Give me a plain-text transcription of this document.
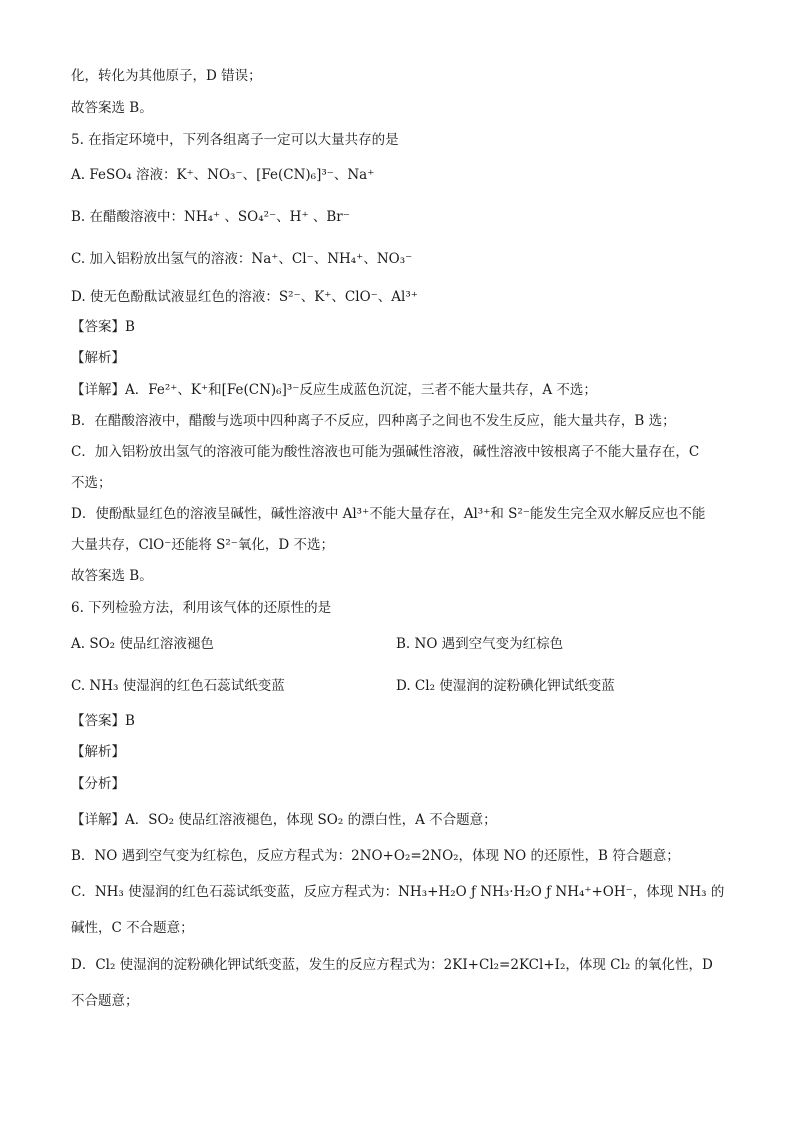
化，转化为其他原子，D 错误；
故答案选 B。
5. 在指定环境中，下列各组离子一定可以大量共存的是
A. FeSO₄ 溶液：K⁺、NO₃⁻、[Fe(CN)₆]³⁻、Na⁺
B. 在醋酸溶液中：NH₄⁺ 、SO₄²⁻、H⁺ 、Br⁻
C. 加入铝粉放出氢气的溶液：Na⁺、Cl⁻、NH₄⁺、NO₃⁻
D. 使无色酚酞试液显红色的溶液：S²⁻、K⁺、ClO⁻、Al³⁺
【答案】B
【解析】
【详解】A．Fe²⁺、K⁺和[Fe(CN)₆]³⁻反应生成蓝色沉淀，三者不能大量共存，A 不选；
B．在醋酸溶液中，醋酸与选项中四种离子不反应，四种离子之间也不发生反应，能大量共存，B 选；
C．加入铝粉放出氢气的溶液可能为酸性溶液也可能为强碱性溶液，碱性溶液中铵根离子不能大量存在，C
不选；
D．使酚酞显红色的溶液呈碱性，碱性溶液中 Al³⁺不能大量存在，Al³⁺和 S²⁻能发生完全双水解反应也不能
大量共存，ClO⁻还能将 S²⁻氧化，D 不选；
故答案选 B。
6. 下列检验方法，利用该气体的还原性的是
A. SO₂ 使品红溶液褪色	B. NO 遇到空气变为红棕色
C. NH₃ 使湿润的红色石蕊试纸变蓝	D. Cl₂ 使湿润的淀粉碘化钾试纸变蓝
【答案】B
【解析】
【分析】
【详解】A．SO₂ 使品红溶液褪色，体现 SO₂ 的漂白性，A 不合题意；
B．NO 遇到空气变为红棕色，反应方程式为：2NO+O₂=2NO₂，体现 NO 的还原性，B 符合题意；
C．NH₃ 使湿润的红色石蕊试纸变蓝，反应方程式为：NH₃+H₂O ƒ NH₃·H₂O ƒ NH₄⁺+OH⁻，体现 NH₃ 的
碱性，C 不合题意；
D．Cl₂ 使湿润的淀粉碘化钾试纸变蓝，发生的反应方程式为：2KI+Cl₂=2KCl+I₂，体现 Cl₂ 的氧化性，D
不合题意；
